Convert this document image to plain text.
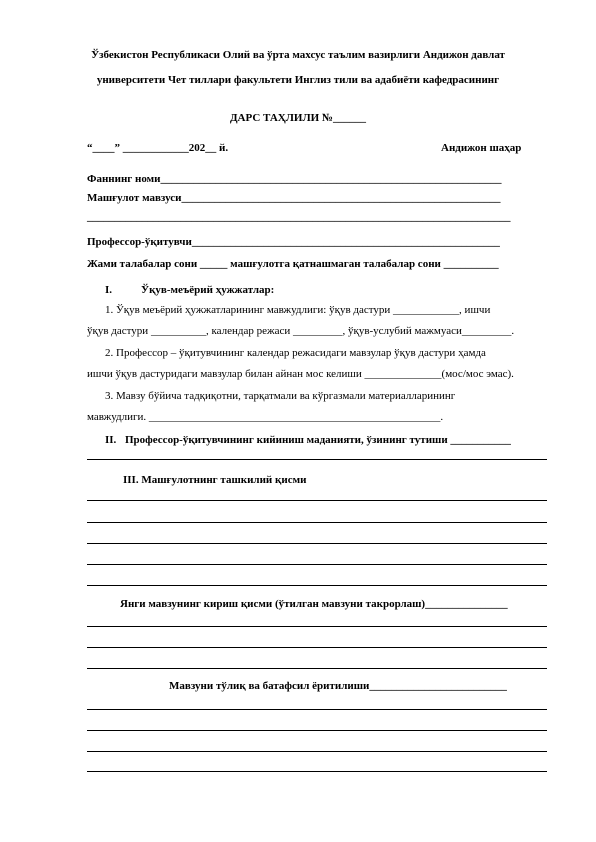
Ўзбекистон Республикаси Олий ва ўрта махсус таълим вазирлиги Андижон давлат
университети Чет тиллари факультети Инглиз тили ва адабиёти кафедрасининг
ДАРС ТАҲЛИЛИ №______
“____” ____________202__ й.	Андижон шаҳар
Фаннинг номи______________________________________________________________
Машғулот мавзуси__________________________________________________________
_____________________________________________________________________________
Профессор-ўқитувчи________________________________________________________
Жами талабалар сони _____ машғулотга қатнашмаган талабалар сони __________
I.	Ўқув-меъёрий ҳужжатлар:
1. Ўқув меъёрий ҳужжатларининг мавжудлиги: ўқув дастури ____________, ишчи
ўқув дастури __________, календар режаси _________, ўқув-услубий мажмуаси_________.
2. Профессор – ўқитувчининг календар режасидаги мавзулар ўқув дастури ҳамда
ишчи ўқув дастуридаги мавзулар билан айнан мос келиши ______________(мос/мос эмас).
3. Мавзу бўйича тадқиқотни, тарқатмали ва кўргазмали материалларининг
мавжудлиги. _____________________________________________________.
II. Профессор-ўқитувчининг кийиниш маданияти, ўзининг тутиши ___________
III. Машғулотнинг ташкилий қисми
Янги мавзунинг кириш қисми (ўтилган мавзуни такрорлаш)_______________
Мавзуни тўлиқ ва батафсил ёритилиши_________________________
